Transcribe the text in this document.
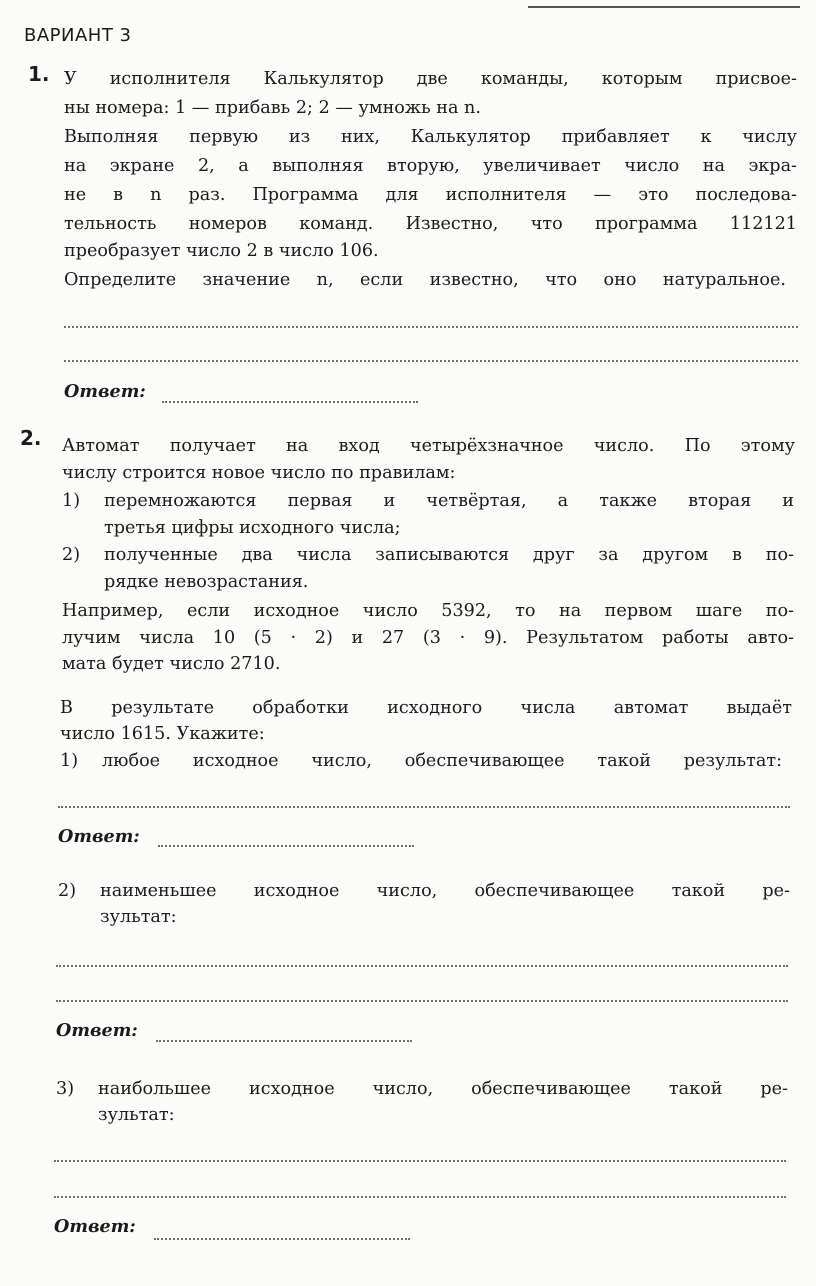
ВАРИАНТ 3
1. У исполнителя Калькулятор две команды, которым присвое-
ны номера: 1 — прибавь 2; 2 — умножь на n.
Выполняя первую из них, Калькулятор прибавляет к числу
на экране 2, а выполняя вторую, увеличивает число на экра-
не в n раз. Программа для исполнителя — это последова-
тельность номеров команд. Известно, что программа 112121
преобразует число 2 в число 106.
Определите значение n, если известно, что оно натуральное.
Ответ:
2. Автомат получает на вход четырёхзначное число. По этому
числу строится новое число по правилам:
1) перемножаются первая и четвёртая, а также вторая и
третья цифры исходного числа;
2) полученные два числа записываются друг за другом в по-
рядке невозрастания.
Например, если исходное число 5392, то на первом шаге по-
лучим числа 10 (5 · 2) и 27 (3 · 9). Результатом работы авто-
мата будет число 2710.
В результате обработки исходного числа автомат выдаёт
число 1615. Укажите:
1) любое исходное число, обеспечивающее такой результат:
Ответ:
2) наименьшее исходное число, обеспечивающее такой ре-
зультат:
Ответ:
3) наибольшее исходное число, обеспечивающее такой ре-
зультат:
Ответ:
